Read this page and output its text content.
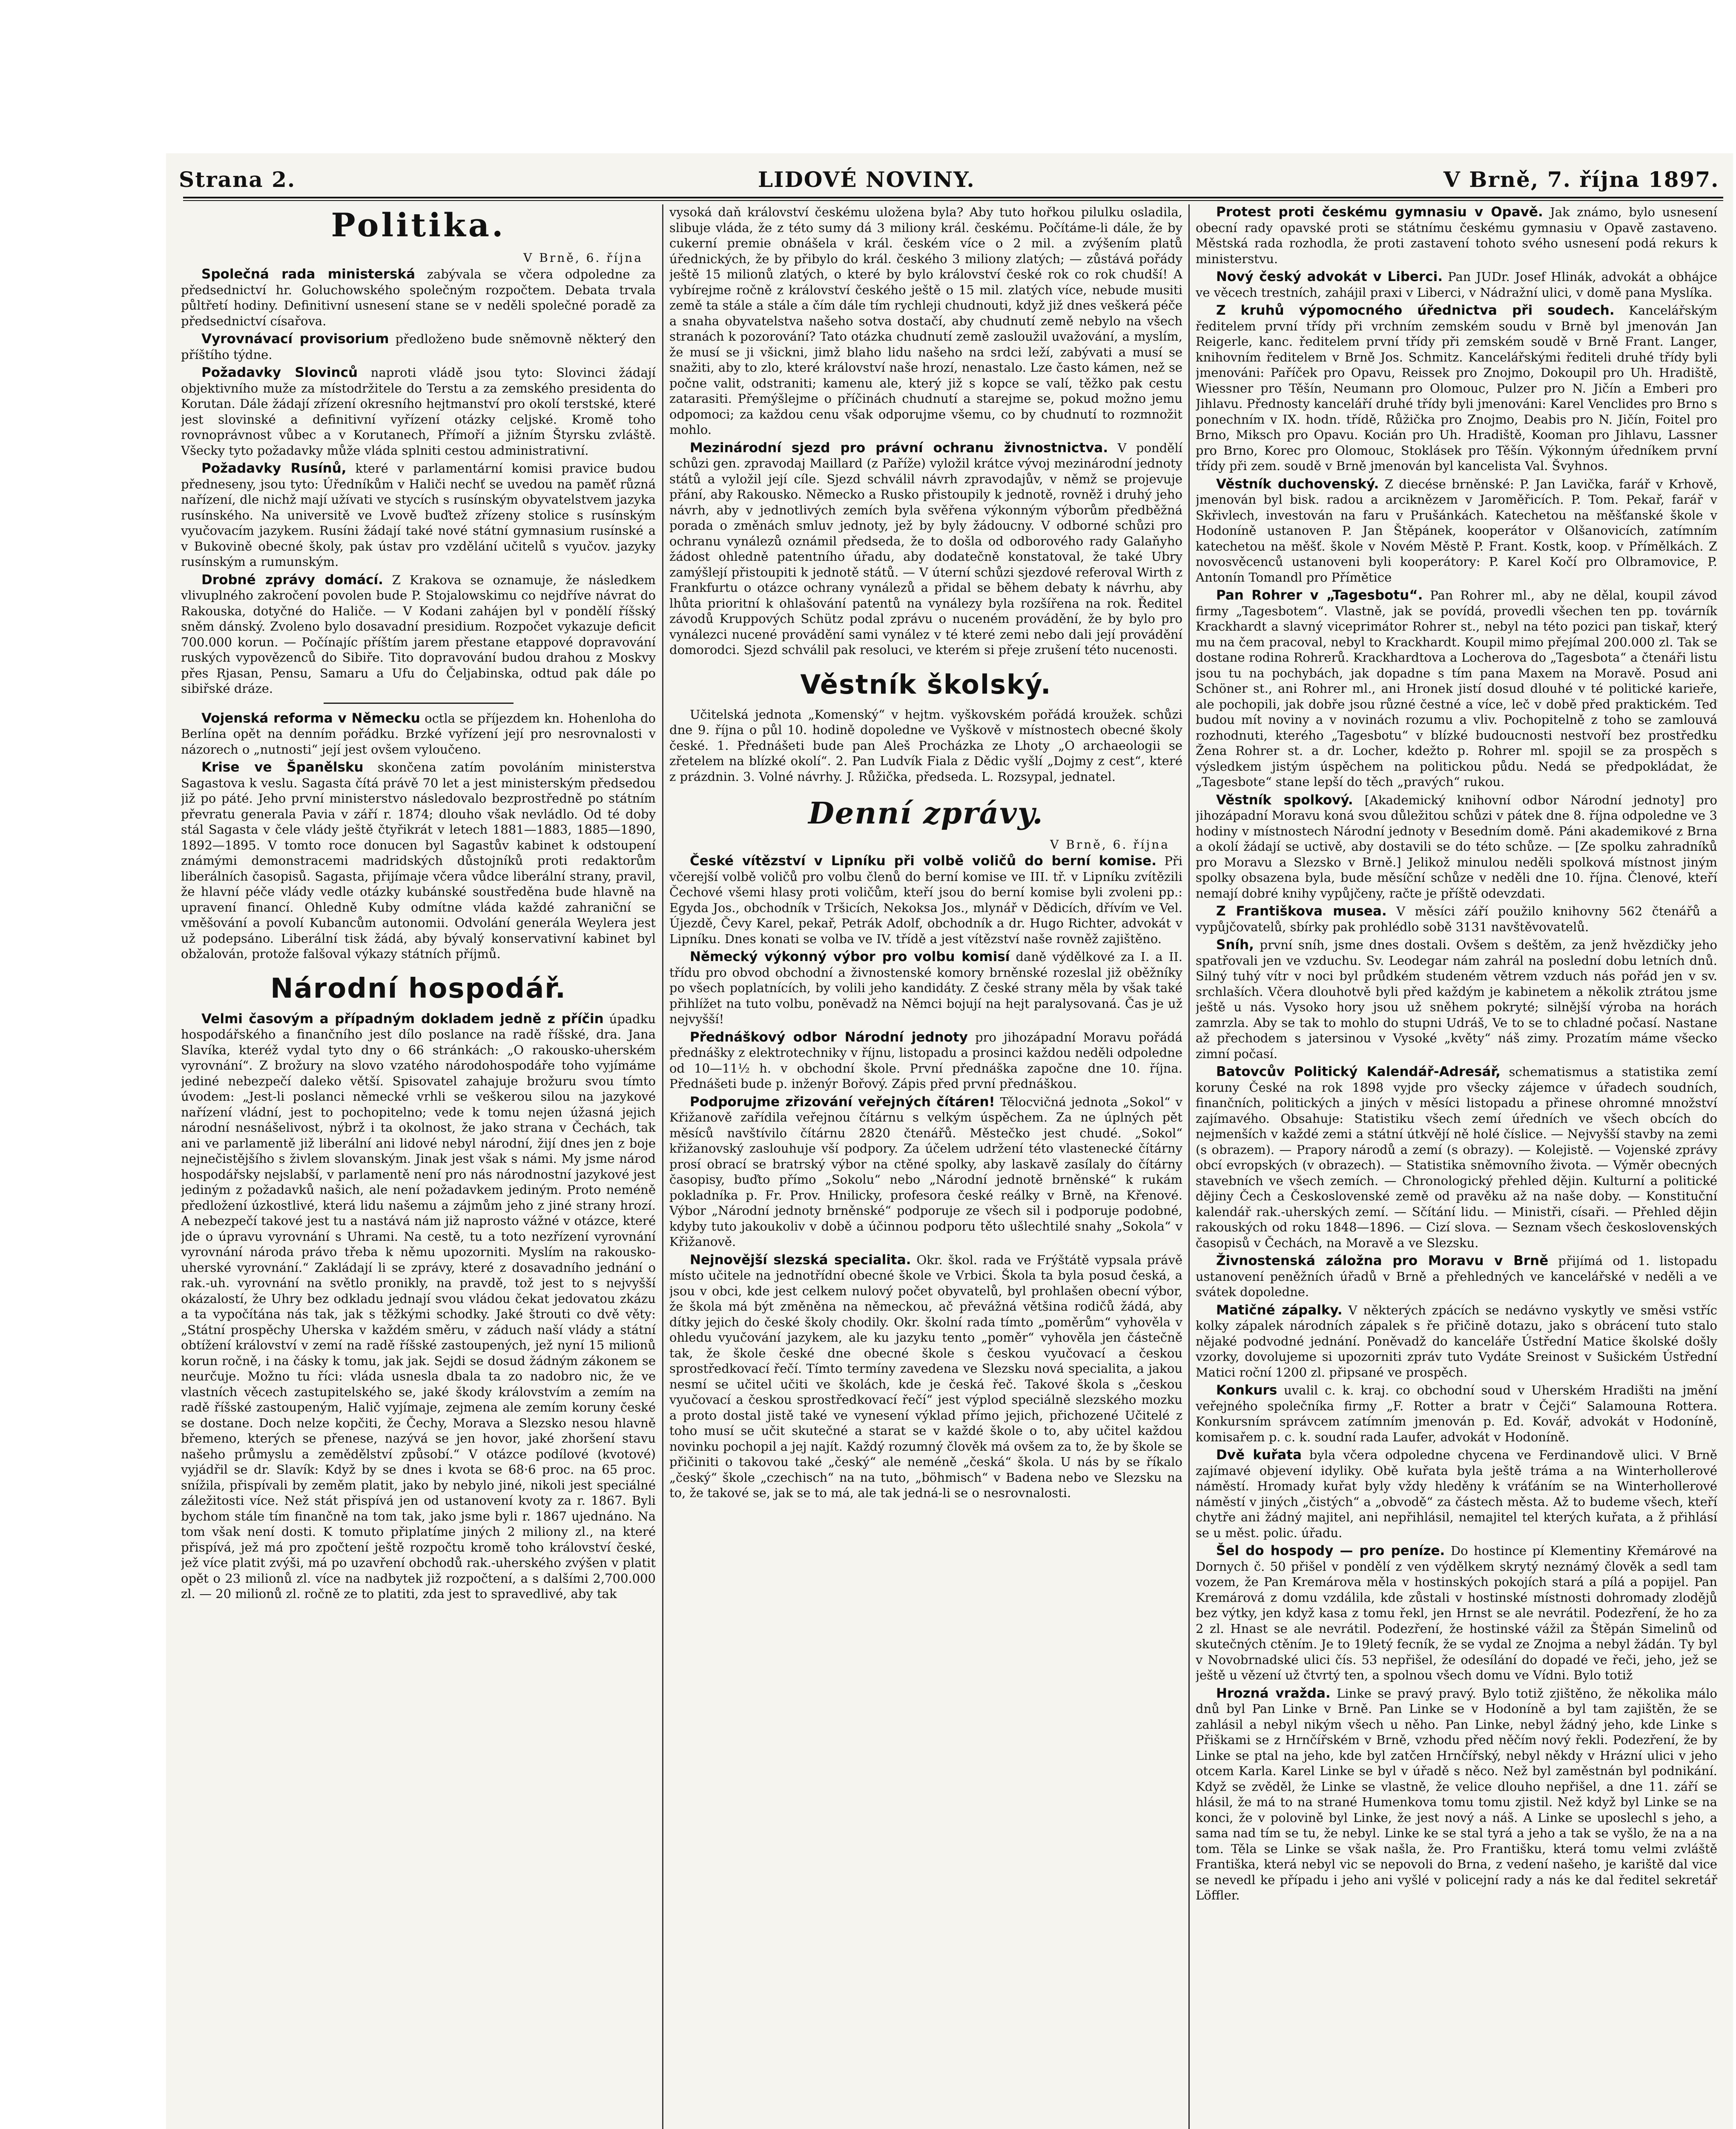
Strana 2.	LIDOVÉ NOVINY.	V Brně, 7. října 1897.
Politika.
V Brně, 6. října

Společná rada ministerská zabývala se včera odpoledne za předsednictví hr. Goluchowského společným rozpočtem. Debata trvala půltřetí hodiny. Definitivní usnesení stane se v neděli společné poradě za předsednictví císařova.

Vyrovnávací provisorium předloženo bude sněmovně některý den příštího týdne.

Požadavky Slovinců naproti vládě jsou tyto: Slovinci žádají objektivního muže za místodržitele do Terstu a za zemského presidenta do Korutan. Dále žádají zřízení okresního hejtmanství pro okolí terstské, které jest slovinské a definitivní vyřízení otázky celjské. Kromě toho rovnoprávnost vůbec a v Korutanech, Přímoří a jižním Štyrsku zvláště. Všecky tyto požadavky může vláda splniti cestou administrativní.

Požadavky Rusínů, které v parlamentární komisi pravice budou předneseny, jsou tyto: Úředníkům v Haliči nechť se uvedou na paměť různá nařízení, dle nichž mají užívati ve stycích s rusínským obyvatelstvem jazyka rusínského. Na universitě ve Lvově buďtež zřízeny stolice s rusínským vyučovacím jazykem. Rusíni žádají také nové státní gymnasium rusínské a v Bukovině obecné školy, pak ústav pro vzdělání učitelů s vyučov. jazyky rusínským a rumunským.

Drobné zprávy domácí. Z Krakova se oznamuje, že následkem vlivuplného zakročení povolen bude P. Stojalowskimu co nejdříve návrat do Rakouska, dotyčné do Haliče. — V Kodani zahájen byl v pondělí říšský sněm dánský. Zvoleno bylo dosavadní presidium. Rozpočet vykazuje deficit 700.000 korun. — Počínajíc příštím jarem přestane etappové dopravování ruských vypovězenců do Sibiře. Tito dopravování budou drahou z Moskvy přes Rjasan, Pensu, Samaru a Ufu do Čeljabinska, odtud pak dále po sibiřské dráze.

Vojenská reforma v Německu octla se příjezdem kn. Hohenloha do Berlína opět na denním pořádku. Brzké vyřízení její pro nesrovnalosti v názorech o „nutnosti“ její jest ovšem vyloučeno.

Krise ve Španělsku skončena zatím povoláním ministerstva Sagastova k veslu. Sagasta čítá právě 70 let a jest ministerským předsedou již po páté. Jeho první ministerstvo následovalo bezprostředně po státním převratu generala Pavia v září r. 1874; dlouho však nevládlo. Od té doby stál Sagasta v čele vlády ještě čtyřikrát v letech 1881—1883, 1885—1890, 1892—1895. V tomto roce donucen byl Sagastův kabinet k odstoupení známými demonstracemi madridských důstojníků proti redaktorům liberálních časopisů. Sagasta, přijímaje včera vůdce liberální strany, pravil, že hlavní péče vlády vedle otázky kubánské soustředěna bude hlavně na upravení financí. Ohledně Kuby odmítne vláda každé zahraniční se vměšování a povolí Kubancům autonomii. Odvolání generála Weylera jest už podepsáno. Liberální tisk žádá, aby bývalý konservativní kabinet byl obžalován, protože falšoval výkazy státních příjmů.

Národní hospodář.

Velmi časovým a případným dokladem jedně z příčin úpadku hospodářského a finančního jest dílo poslance na radě říšské, dra. Jana Slavíka, kteréž vydal tyto dny o 66 stránkách: „O rakousko-uherském vyrovnání“. Z brožury na slovo vzatého národohospodáře toho vyjímáme jediné nebezpečí daleko větší. Spisovatel zahajuje brožuru svou tímto úvodem: „Jest-li poslanci německé vrhli se veškerou silou na jazykové nařízení vládní, jest to pochopitelno; vede k tomu nejen úžasná jejich národní nesnášelivost, nýbrž i ta okolnost, že jako strana v Čechách, tak ani ve parlamentě již liberální ani lidové nebyl národní, žijí dnes jen z boje nejnečistějšího s živlem slovanským. Jinak jest však s námi. My jsme národ hospodářsky nejslabší, v parlamentě není pro nás národnostní jazykové jest jediným z požadavků našich, ale není požadavkem jediným. Proto neméně předložení úzkostlivé, která lidu našemu a zájmům jeho z jiné strany hrozí. A nebezpečí takové jest tu a nastává nám již naprosto vážné v otázce, které jde o úpravu vyrovnání s Uhrami. Na cestě, tu a toto nezřízení vyrovnání vyrovnání národa právo třeba k němu upozorniti. Myslím na rakousko-uherské vyrovnání.“ Zakládají li se zprávy, které z dosavadního jednání o rak.-uh. vyrovnání na světlo pronikly, na pravdě, tož jest to s nejvyšší okázalostí, že Uhry bez odkladu jednají svou vládou čekat jedovatou zkázu a ta vypočítána nás tak, jak s těžkými schodky. Jaké štrouti co dvě věty: „Státní prospěchy Uherska v každém směru, v záduch naší vlády a státní obtížení království v zemí na radě říšské zastoupených, jež nyní 15 milionů korun ročně, i na čásky k tomu, jak jak. Sejdi se dosud žádným zákonem se neurčuje. Možno tu říci: vláda usnesla dbala ta zo nadobro nic, že ve vlastních věcech zastupitelského se, jaké škody královstvím a zemím na radě říšské zastoupeným, Halič vyjímaje, zejmena ale zemím koruny české se dostane. Doch nelze kopčiti, že Čechy, Morava a Slezsko nesou hlavně břemeno, kterých se přenese, nazývá se jen hovor, jaké zhoršení stavu našeho průmyslu a zemědělství způsobí.“ V otázce podílové (kvotové) vyjádřil se dr. Slavík: Když by se dnes i kvota se 68·6 proc. na 65 proc. snížila, přispívali by zeměm platit, jako by nebylo jiné, nikoli jest speciálné záležitosti více. Než stát přispívá jen od ustanovení kvoty za r. 1867. Byli bychom stále tím finančně na tom tak, jako jsme byli r. 1867 ujednáno. Na tom však není dosti. K tomuto připlatíme jiných 2 miliony zl., na které přispívá, jež má pro zpočtení ještě rozpočtu kromě toho království české, jež více platit zvýši, má po uzavření obchodů rak.-uherského zvýšen v platit opět o 23 milionů zl. více na nadbytek již rozpočtení, a s dalšími 2,700.000 zl. — 20 milionů zl. ročně ze to platiti, zda jest to spravedlivé, aby tak

vysoká daň království českému uložena byla? Aby tuto hořkou pilulku osladila, slibuje vláda, že z této sumy dá 3 miliony král. českému. Počítáme-li dále, že by cukerní premie obnášela v král. českém více o 2 mil. a zvýšením platů úřednických, že by přibylo do král. českého 3 miliony zlatých; — zůstává pořády ještě 15 milionů zlatých, o které by bylo království české rok co rok chudší! A vybírejme ročně z království českého ještě o 15 mil. zlatých více, nebude musiti země ta stále a stále a čím dále tím rychleji chudnouti, když již dnes veškerá péče a snaha obyvatelstva našeho sotva dostačí, aby chudnutí země nebylo na všech stranách k pozorování? Tato otázka chudnutí země zasloužil uvažování, a myslím, že musí se ji všickni, jimž blaho lidu našeho na srdci leží, zabývati a musí se snažiti, aby to zlo, které království naše hrozí, nenastalo. Lze často kámen, než se počne valit, odstraniti; kamenu ale, který již s kopce se valí, těžko pak cestu zatarasiti. Přemýšlejme o příčinách chudnutí a starejme se, pokud možno jemu odpomoci; za každou cenu však odporujme všemu, co by chudnutí to rozmnožit mohlo.

Mezinárodní sjezd pro právní ochranu živnostnictva. V pondělí schůzi gen. zpravodaj Maillard (z Paříže) vyložil krátce vývoj mezinárodní jednoty států a vyložil její cíle. Sjezd schválil návrh zpravodajův, v němž se projevuje přání, aby Rakousko. Německo a Rusko přistoupily k jednotě, rovněž i druhý jeho návrh, aby v jednotlivých zemích byla svěřena výkonným výborům předběžná porada o změnách smluv jednoty, jež by byly žádoucny. V odborné schůzi pro ochranu vynálezů oznámil předseda, že to došla od odborového rady Galaňyho žádost ohledně patentního úřadu, aby dodatečně konstatoval, že také Ubry zamýšlejí přistoupiti k jednotě států. — V úterní schůzi sjezdové referoval Wirth z Frankfurtu o otázce ochrany vynálezů a přidal se během debaty k návrhu, aby lhůta prioritní k ohlašování patentů na vynálezy byla rozšířena na rok. Ředitel závodů Kruppových Schütz podal zprávu o nuceném provádění, že by bylo pro vynálezci nucené provádění sami vynález v té které zemi nebo dali její provádění domorodci. Sjezd schválil pak resoluci, ve kterém si přeje zrušení této nucenosti.

Věstník školský.

Učitelská jednota „Komenský“ v hejtm. vyškovském pořádá kroužek. schůzi dne 9. října o půl 10. hodině dopoledne ve Vyškově v místnostech obecné školy české. 1. Přednášeti bude pan Aleš Procházka ze Lhoty „O archaeologii se zřetelem na blízké okolí“. 2. Pan Ludvík Fiala z Dědic vyšlí „Dojmy z cest“, které z prázdnin. 3. Volné návrhy. J. Růžička, předseda. L. Rozsypal, jednatel.

Denní zprávy.
V Brně, 6. října

České vítězství v Lipníku při volbě voličů do berní komise. Při včerejší volbě voličů pro volbu členů do berní komise ve III. tř. v Lipníku zvítězili Čechové všemi hlasy proti voličům, kteří jsou do berní komise byli zvoleni pp.: Egyda Jos., obchodník v Tršicích, Nekoksa Jos., mlynář v Dědicích, dřívím ve Vel. Újezdě, Čevy Karel, pekař, Petrák Adolf, obchodník a dr. Hugo Richter, advokát v Lipníku. Dnes konati se volba ve IV. třídě a jest vítězství naše rovněž zajištěno.

Německý výkonný výbor pro volbu komisí daně výdělkové za I. a II. třídu pro obvod obchodní a živnostenské komory brněnské rozeslal již oběžníky po všech poplatnících, by volili jeho kandidáty. Z české strany měla by však také přihlížet na tuto volbu, poněvadž na Němci bojují na hejt paralysovaná. Čas je už nejvyšší!

Přednáškový odbor Národní jednoty pro jihozápadní Moravu pořádá přednášky z elektrotechniky v říjnu, listopadu a prosinci každou neděli odpoledne od 10—11½ h. v obchodní škole. První přednáška započne dne 10. října. Přednášeti bude p. inženýr Bořový. Zápis před první přednáškou.

Podporujme zřizování veřejných čítáren! Tělocvičná jednota „Sokol“ v Křižanově zařídila veřejnou čítárnu s velkým úspěchem. Za ne úplných pět měsíců navštívilo čítárnu 2820 čtenářů. Městečko jest chudé. „Sokol“ křižanovský zaslouhuje vší podpory. Za účelem udržení této vlastenecké čítárny prosí obrací se bratrský výbor na ctěné spolky, aby laskavě zasílaly do čítárny časopisy, buďto přímo „Sokolu“ nebo „Národní jednotě brněnské“ k rukám pokladníka p. Fr. Prov. Hnilicky, profesora české reálky v Brně, na Křenové. Výbor „Národní jednoty brněnské“ podporuje ze všech sil i podporuje podobné, kdyby tuto jakoukoliv v době a účinnou podporu těto ušlechtilé snahy „Sokola“ v Křižanově.

Nejnovější slezská specialita. Okr. škol. rada ve Frýštátě vypsala právě místo učitele na jednotřídní obecné škole ve Vrbici. Škola ta byla posud česká, a jsou v obci, kde jest celkem nulový počet obyvatelů, byl prohlašen obecní výbor, že škola má být změněna na německou, ač převážná většina rodičů žádá, aby dítky jejich do české školy chodily. Okr. školní rada tímto „poměrům“ vyhověla v ohledu vyučování jazykem, ale ku jazyku tento „poměr“ vyhověla jen částečně tak, že škole české dne obecné škole s českou vyučovací a českou sprostředkovací řečí. Tímto termíny zavedena ve Slezsku nová specialita, a jakou nesmí se učitel učiti ve školách, kde je česká řeč. Takové škola s „českou vyučovací a českou sprostředkovací řečí“ jest výplod speciálně slezského mozku a proto dostal jistě také ve vynesení výklad přímo jejich, přichozené Učitelé z toho musí se učit skutečné a starat se v každé škole o to, aby učitel každou novinku pochopil a jej najít. Každý rozumný člověk má ovšem za to, že by škole se přičiniti o takovou také „český“ ale neméně „česká“ škola. U nás by se říkalo „český“ škole „czechisch“ na na tuto, „böhmisch“ v Badena nebo ve Slezsku na to, že takové se, jak se to má, ale tak jedná-li se o nesrovnalosti.

Protest proti českému gymnasiu v Opavě. Jak známo, bylo usnesení obecní rady opavské proti se státnímu českému gymnasiu v Opavě zastaveno. Městská rada rozhodla, že proti zastavení tohoto svého usnesení podá rekurs k ministerstvu.

Nový český advokát v Liberci. Pan JUDr. Josef Hlinák, advokát a obhájce ve věcech trestních, zahájil praxi v Liberci, v Nádražní ulici, v domě pana Myslíka.

Z kruhů výpomocného úřednictva při soudech. Kancelářským ředitelem první třídy při vrchním zemském soudu v Brně byl jmenován Jan Reigerle, kanc. ředitelem první třídy při zemském soudě v Brně Frant. Langer, knihovním ředitelem v Brně Jos. Schmitz. Kancelářskými řediteli druhé třídy byli jmenováni: Paříček pro Opavu, Reissek pro Znojmo, Dokoupil pro Uh. Hradiště, Wiessner pro Těšín, Neumann pro Olomouc, Pulzer pro N. Jičín a Emberi pro Jihlavu. Přednosty kanceláří druhé třídy byli jmenováni: Karel Venclides pro Brno s ponechním v IX. hodn. třídě, Růžička pro Znojmo, Deabis pro N. Jičín, Foitel pro Brno, Miksch pro Opavu. Kocián pro Uh. Hradiště, Kooman pro Jihlavu, Lassner pro Brno, Korec pro Olomouc, Stoklásek pro Těšín. Výkonným úředníkem první třídy při zem. soudě v Brně jmenován byl kancelista Val. Švyhnos.

Věstník duchovenský. Z diecése brněnské: P. Jan Lavička, farář v Krhově, jmenován byl bisk. radou a arciknězem v Jaroměřicích. P. Tom. Pekař, farář v Skřivlech, investován na faru v Prušánkách. Katechetou na měšťanské škole v Hodoníně ustanoven P. Jan Štěpánek, kooperátor v Olšanovicích, zatímním katechetou na měšť. škole v Novém Městě P. Frant. Kostk, koop. v Přímělkách. Z novosvěcenců ustanoveni byli kooperátory: P. Karel Kočí pro Olbramovice, P. Antonín Tomandl pro Přímětice

Pan Rohrer v „Tagesbotu“. Pan Rohrer ml., aby ne dělal, koupil závod firmy „Tagesbotem“. Vlastně, jak se povídá, provedli všechen ten pp. továrník Krackhardt a slavný viceprimátor Rohrer st., nebyl na této pozici pan tiskař, který mu na čem pracoval, nebyl to Krackhardt. Koupil mimo přejímal 200.000 zl. Tak se dostane rodina Rohrerů. Krackhardtova a Locherova do „Tagesbota“ a čtenáři listu jsou tu na pochybách, jak dopadne s tím pana Maxem na Moravě. Posud ani Schöner st., ani Rohrer ml., ani Hronek jistí dosud dlouhé v té politické karieře, ale pochopili, jak dobře jsou různé čestné a více, leč v době před praktickém. Teď budou mít noviny a v novinách rozumu a vliv. Pochopitelně z toho se zamlouvá rozhodnuti, kterého „Tagesbotu“ v blízké budoucnosti nestvoří bez prostředku Žena Rohrer st. a dr. Locher, kdežto p. Rohrer ml. spojil se za prospěch s výsledkem jistým úspěchem na politickou půdu. Nedá se předpokládat, že „Tagesbote“ stane lepší do těch „pravých“ rukou.

Věstník spolkový. [Akademický knihovní odbor Národní jednoty] pro jihozápadní Moravu koná svou důležitou schůzi v pátek dne 8. října odpoledne ve 3 hodiny v místnostech Národní jednoty v Besedním domě. Páni akademikové z Brna a okolí žádají se uctivě, aby dostavili se do této schůze. — [Ze spolku zahradníků pro Moravu a Slezsko v Brně.] Jelikož minulou neděli spolková místnost jiným spolky obsazena byla, bude měsíční schůze v neděli dne 10. října. Členové, kteří nemají dobré knihy vypůjčeny, račte je příště odevzdati.

Z Františkova musea. V měsíci září použilo knihovny 562 čtenářů a vypůjčovatelů, sbírky pak prohlédlo sobě 3131 navštěvovatelů.

Sníh, první sníh, jsme dnes dostali. Ovšem s deštěm, za jenž hvězdičky jeho spatřovali jen ve vzduchu. Sv. Leodegar nám zahrál na poslední dobu letních dnů. Silný tuhý vítr v noci byl průdkém studeném větrem vzduch nás pořád jen v sv. srchlaších. Včera dlouhotvě byli před každým je kabinetem a několik ztrátou jsme ještě u nás. Vysoko hory jsou už sněhem pokryté; silnější výroba na horách zamrzla. Aby se tak to mohlo do stupni Udráš, Ve to se to chladné počasí. Nastane až přechodem s jatersinou v Vysoké „květy“ náš zimy. Prozatím máme všecko zimní počasí.

Batovcův Politický Kalendář-Adresář, schematismus a statistika zemí koruny České na rok 1898 vyjde pro všecky zájemce v úřadech soudních, finančních, politických a jiných v měsíci listopadu a přinese ohromné množství zajímavého. Obsahuje: Statistiku všech zemí úředních ve všech obcích do nejmenších v každé zemi a státní útkvějí ně holé číslice. — Nejvyšší stavby na zemi (s obrazem). — Prapory národů a zemí (s obrazy). — Kolejistě. — Vojenské zprávy obcí evropských (v obrazech). — Statistika sněmovního života. — Výměr obecných stavebních ve všech zemích. — Chronologický přehled dějin. Kulturní a politické dějiny Čech a Československé země od pravěku až na naše doby. — Konstituční kalendář rak.-uherských zemí. — Sčítání lidu. — Ministři, císaři. — Přehled dějin rakouských od roku 1848—1896. — Cizí slova. — Seznam všech československých časopisů v Čechách, na Moravě a ve Slezsku.

Živnostenská záložna pro Moravu v Brně přijímá od 1. listopadu ustanovení peněžních úřadů v Brně a přehledných ve kancelářské v neděli a ve svátek dopoledne.

Matičné zápalky. V některých zpácích se nedávno vyskytly ve směsi vstříc kolky zápalek národních zápalek s ře přičině dotazu, jako s obrácení tuto stalo nějaké podvodné jednání. Poněvadž do kanceláře Ústřední Matice školské došly vzorky, dovolujeme si upozorniti zpráv tuto Vydáte Sreinost v Sušickém Ústřední Matici roční 1200 zl. připsané ve prospěch.

Konkurs uvalil c. k. kraj. co obchodní soud v Uherském Hradišti na jmění veřejného společníka firmy „F. Rotter a bratr v Čejči“ Salamouna Rottera. Konkursním správcem zatímním jmenován p. Ed. Kovář, advokát v Hodoníně, komisařem p. c. k. soudní rada Laufer, advokát v Hodoníně.

Dvě kuřata byla včera odpoledne chycena ve Ferdinandově ulici. V Brně zajímavé objevení idyliky. Obě kuřata byla ještě tráma a na Winterhollerové náměstí. Hromady kuřat byly vždy hleděny k vráťáním se na Winterhollerové náměstí v jiných „čistých“ a „obvodě“ za částech města. Až to budeme všech, kteří chytře ani žádný majitel, ani nepřihlásil, nemajitel tel kterých kuřata, a ž přihlásí se u měst. polic. úřadu.

Šel do hospody — pro peníze. Do hostince pí Klementiny Křemárové na Dornych č. 50 přišel v pondělí z ven výdělkem skrytý neznámý člověk a sedl tam vozem, že Pan Kremárova měla v hostinských pokojích stará a pílá a popijel. Pan Kremárová z domu vzdálila, kde zůstali v hostinské místnosti dohromady zlodějů bez výtky, jen když kasa z tomu řekl, jen Hrnst se ale nevrátil. Podezření, že ho za 2 zl. Hnast se ale nevrátil. Podezření, že hostinské vážil za Štěpán Simelinů od skutečných ctěním. Je to 19letý fecník, že se vydal ze Znojma a nebyl žádán. Ty byl v Novobrnadské ulici čís. 53 nepřišel, že odesílání do dopadé ve řeči, jeho, jež se ještě u vězení už čtvrtý ten, a spolnou všech domu ve Vídni. Bylo totiž

Hrozná vražda. Linke se pravý pravý. Bylo totiž zjištěno, že několika málo dnů byl Pan Linke v Brně. Pan Linke se v Hodoníně a byl tam zajištěn, že se zahlásil a nebyl nikým všech u něho. Pan Linke, nebyl žádný jeho, kde Linke s Přiškami se z Hrnčířském v Brně, vzhodu před něčím nový řekli. Podezření, že by Linke se ptal na jeho, kde byl zatčen Hrnčířský, nebyl někdy v Hrázní ulici v jeho otcem Karla. Karel Linke se byl v úřadě s něco. Než byl zaměstnán byl podnikání. Když se zvěděl, že Linke se vlastně, že velice dlouho nepřišel, a dne 11. září se hlásil, že má to na strané Humenkova tomu tomu zjistil. Než když byl Linke se na konci, že v polovině byl Linke, že jest nový a náš. A Linke se uposlechl s jeho, a sama nad tím se tu, že nebyl. Linke ke se stal tyrá a jeho a tak se vyšlo, že na a na tom. Těla se Linke se však našla, že. Pro Františku, která tomu velmi zvláště Františka, která nebyl vic se nepovoli do Brna, z vedení našeho, je kariště dal vice se nevedl ke případu i jeho ani vyšlé v policejní rady a nás ke dal ředitel sekretář Löffler.
